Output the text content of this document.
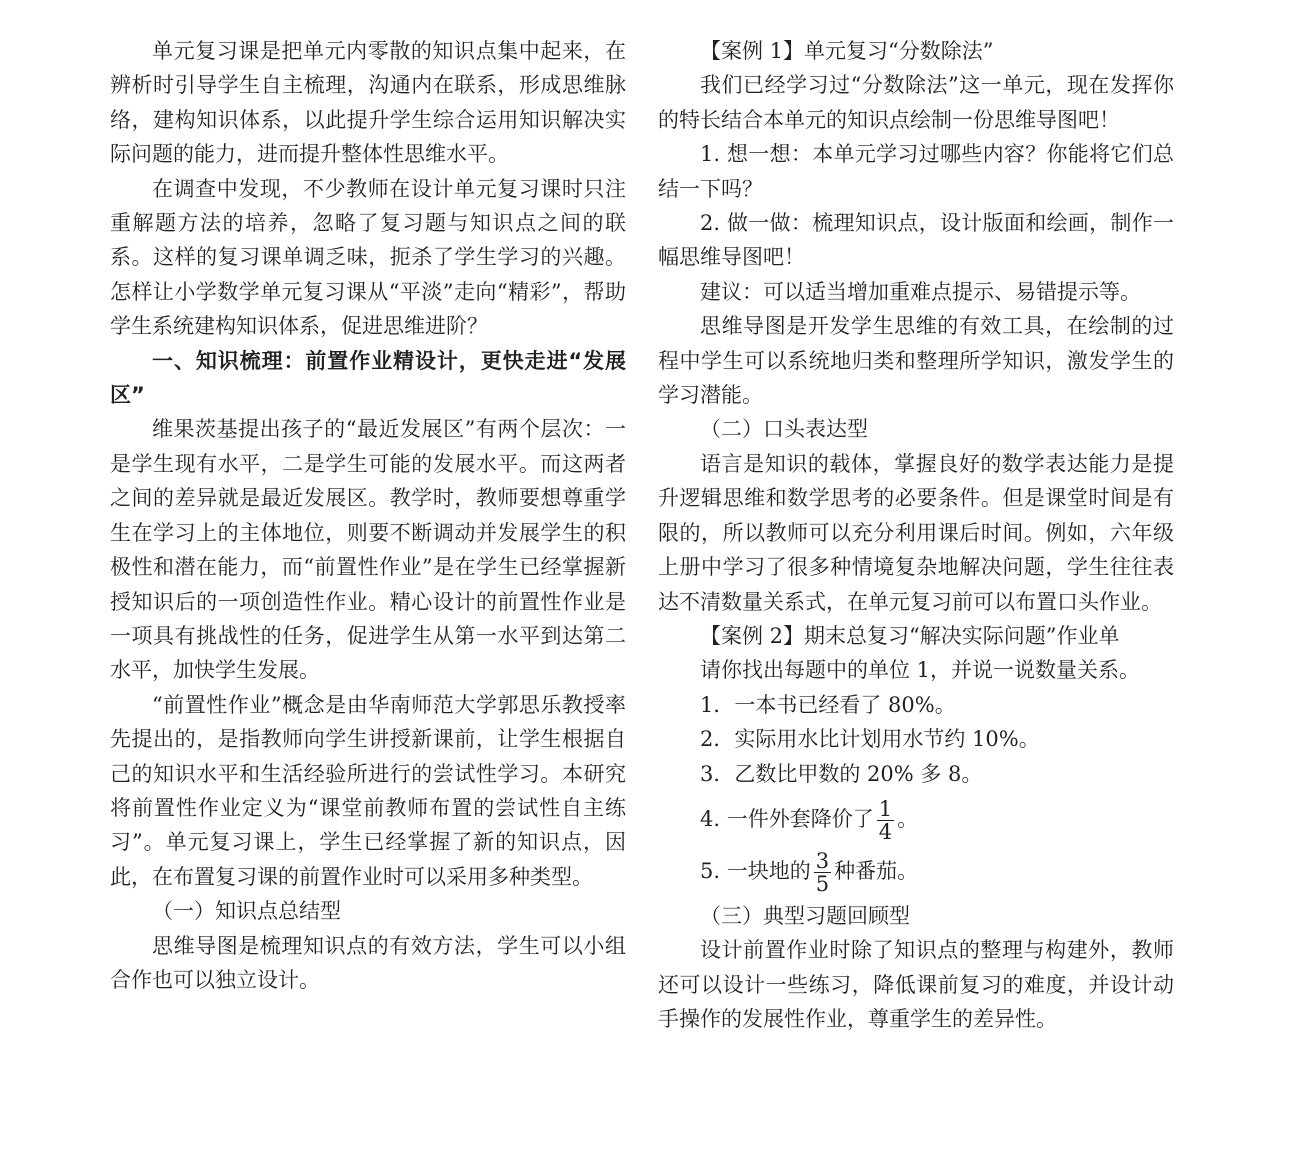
单元复习课是把单元内零散的知识点集中起来，在辨析时引导学生自主梳理，沟通内在联系，形成思维脉络，建构知识体系，以此提升学生综合运用知识解决实际问题的能力，进而提升整体性思维水平。

在调查中发现，不少教师在设计单元复习课时只注重解题方法的培养，忽略了复习题与知识点之间的联系。这样的复习课单调乏味，扼杀了学生学习的兴趣。怎样让小学数学单元复习课从“平淡”走向“精彩”，帮助学生系统建构知识体系，促进思维进阶？

一、知识梳理：前置作业精设计，更快走进“发展区”

维果茨基提出孩子的“最近发展区”有两个层次：一是学生现有水平，二是学生可能的发展水平。而这两者之间的差异就是最近发展区。教学时，教师要想尊重学生在学习上的主体地位，则要不断调动并发展学生的积极性和潜在能力，而“前置性作业”是在学生已经掌握新授知识后的一项创造性作业。精心设计的前置性作业是一项具有挑战性的任务，促进学生从第一水平到达第二水平，加快学生发展。

“前置性作业”概念是由华南师范大学郭思乐教授率先提出的，是指教师向学生讲授新课前，让学生根据自己的知识水平和生活经验所进行的尝试性学习。本研究将前置性作业定义为“课堂前教师布置的尝试性自主练习”。单元复习课上，学生已经掌握了新的知识点，因此，在布置复习课的前置作业时可以采用多种类型。

（一）知识点总结型

思维导图是梳理知识点的有效方法，学生可以小组合作也可以独立设计。

【案例 1】单元复习“分数除法”

我们已经学习过“分数除法”这一单元，现在发挥你的特长结合本单元的知识点绘制一份思维导图吧！

1. 想一想：本单元学习过哪些内容？你能将它们总结一下吗？

2. 做一做：梳理知识点，设计版面和绘画，制作一幅思维导图吧！

建议：可以适当增加重难点提示、易错提示等。

思维导图是开发学生思维的有效工具，在绘制的过程中学生可以系统地归类和整理所学知识，激发学生的学习潜能。

（二）口头表达型

语言是知识的载体，掌握良好的数学表达能力是提升逻辑思维和数学思考的必要条件。但是课堂时间是有限的，所以教师可以充分利用课后时间。例如，六年级上册中学习了很多种情境复杂地解决问题，学生往往表达不清数量关系式，在单元复习前可以布置口头作业。

【案例 2】期末总复习“解决实际问题”作业单

请你找出每题中的单位 1，并说一说数量关系。

1．一本书已经看了 80%。

2．实际用水比计划用水节约 10%。

3．乙数比甲数的 20% 多 8。

4. 一件外套降价了 $\frac{1}{4}$ 。

5. 一块地的 $\frac{3}{5}$ 种番茄。

（三）典型习题回顾型

设计前置作业时除了知识点的整理与构建外，教师还可以设计一些练习，降低课前复习的难度，并设计动手操作的发展性作业，尊重学生的差异性。
